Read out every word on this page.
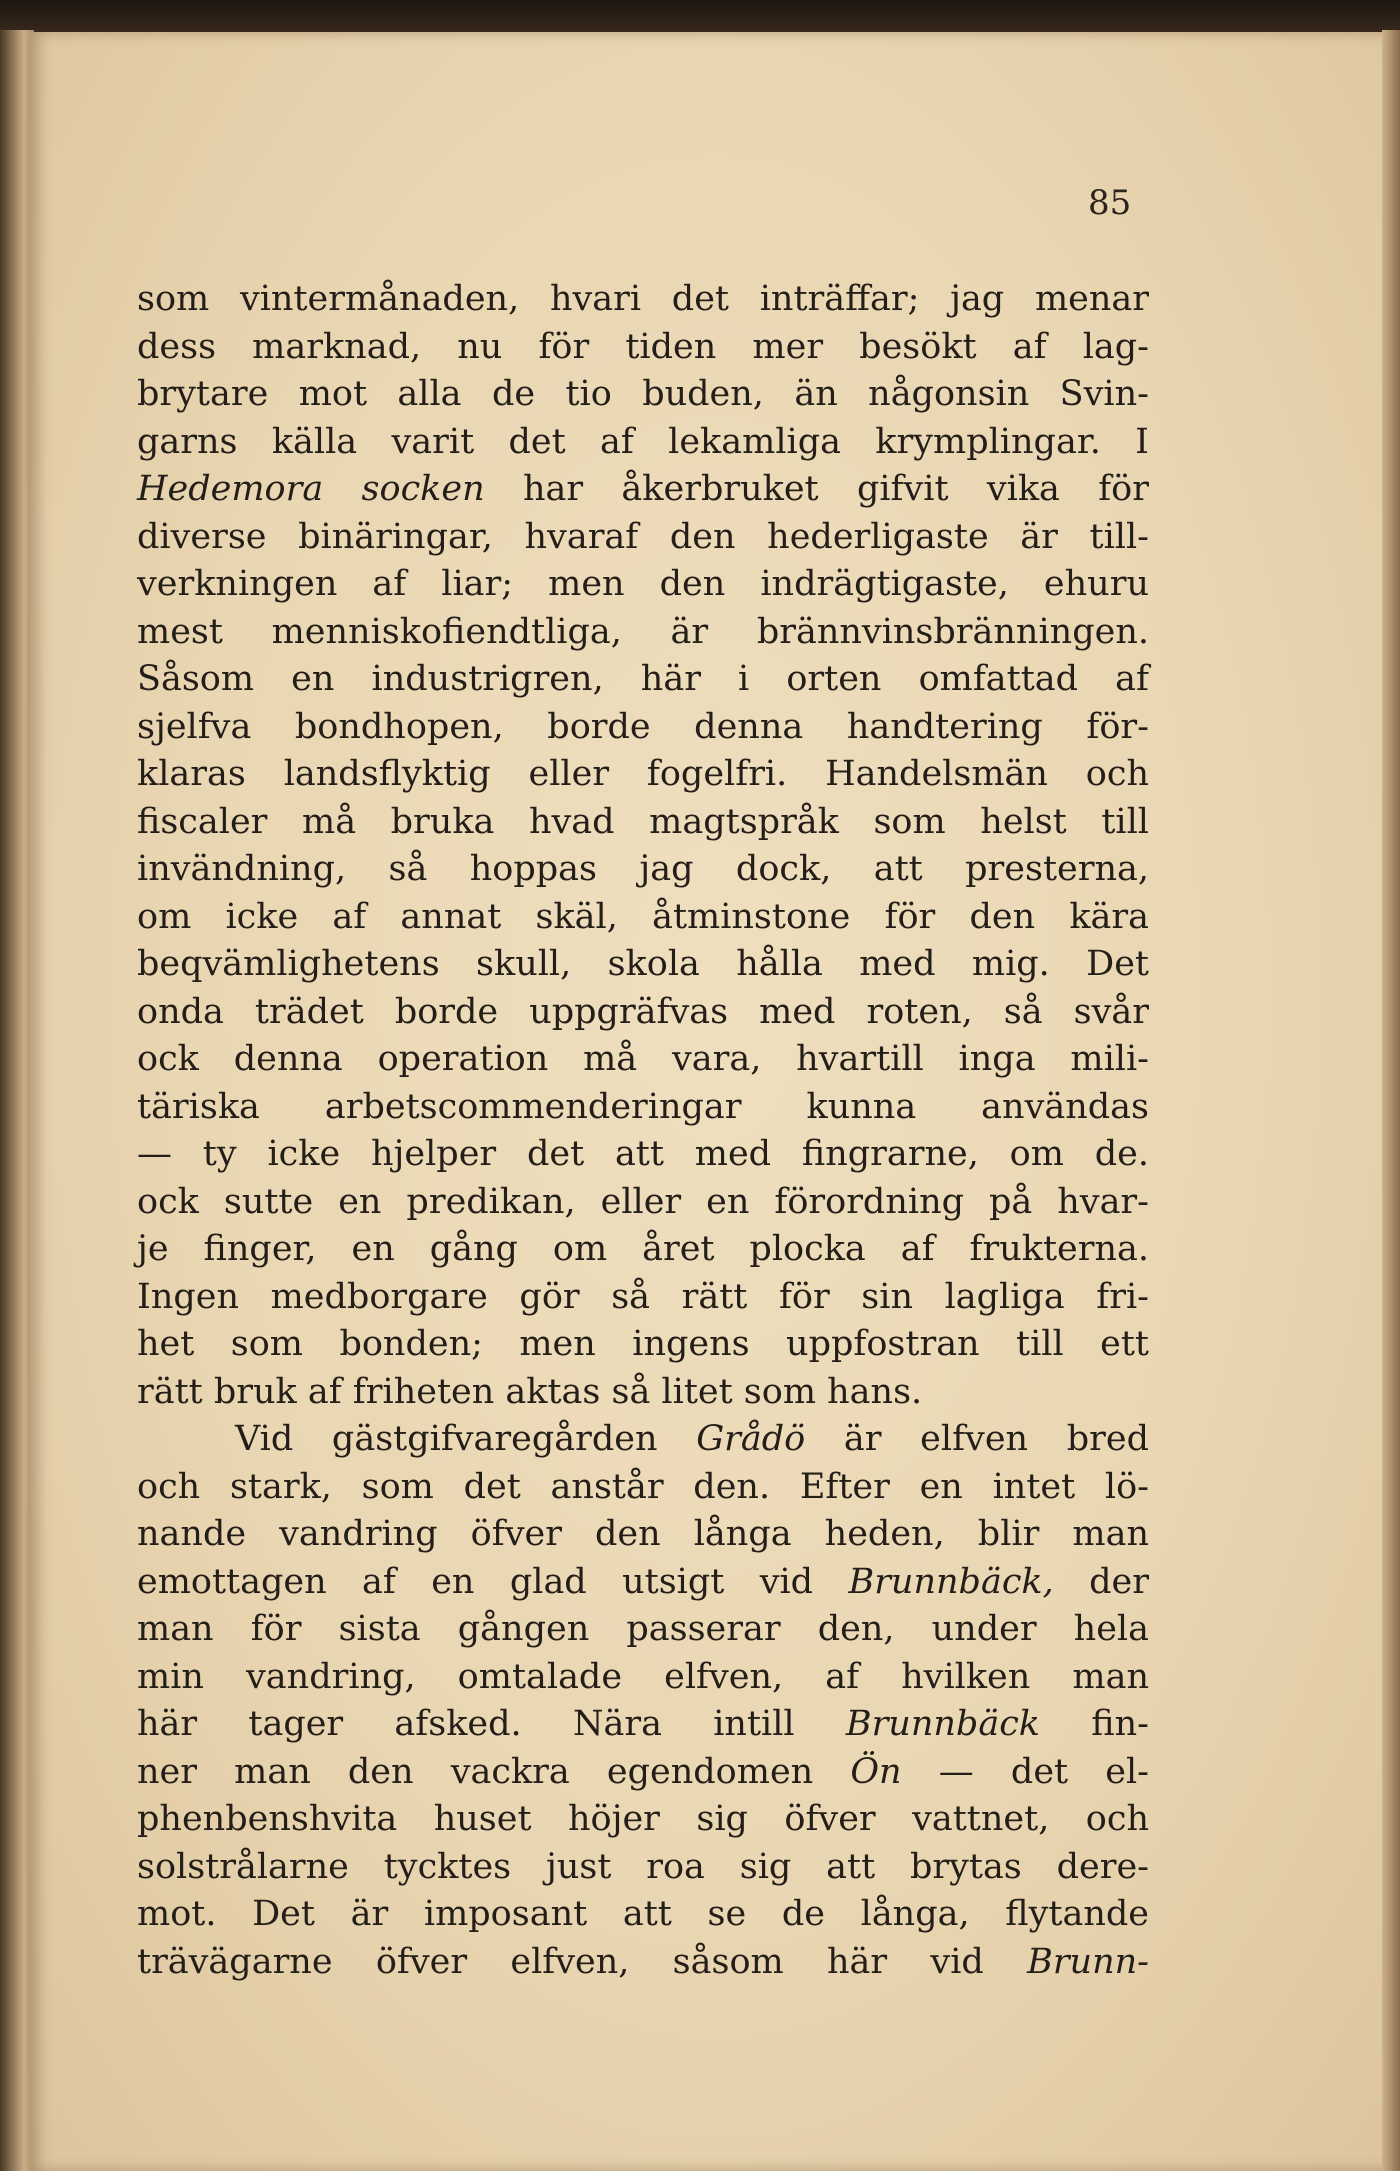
85

som vintermånaden, hvari det inträffar; jag menar
dess marknad, nu för tiden mer besökt af lag-
brytare mot alla de tio buden, än någonsin Svin-
garns källa varit det af lekamliga krymplingar. I
Hedemora socken har åkerbruket gifvit vika för
diverse binäringar, hvaraf den hederligaste är till-
verkningen af liar; men den indrägtigaste, ehuru
mest menniskofiendtliga, är brännvinsbränningen.
Såsom en industrigren, här i orten omfattad af
sjelfva bondhopen, borde denna handtering för-
klaras landsflyktig eller fogelfri. Handelsmän och
fiscaler må bruka hvad magtspråk som helst till
invändning, så hoppas jag dock, att presterna,
om icke af annat skäl, åtminstone för den kära
beqvämlighetens skull, skola hålla med mig. Det
onda trädet borde uppgräfvas med roten, så svår
ock denna operation må vara, hvartill inga mili-
täriska arbetscommenderingar kunna användas
— ty icke hjelper det att med fingrarne, om de.
ock sutte en predikan, eller en förordning på hvar-
je finger, en gång om året plocka af frukterna.
Ingen medborgare gör så rätt för sin lagliga fri-
het som bonden; men ingens uppfostran till ett
rätt bruk af friheten aktas så litet som hans.
Vid gästgifvaregården Grådö är elfven bred
och stark, som det anstår den. Efter en intet lö-
nande vandring öfver den långa heden, blir man
emottagen af en glad utsigt vid Brunnbäck, der
man för sista gången passerar den, under hela
min vandring, omtalade elfven, af hvilken man
här tager afsked. Nära intill Brunnbäck fin-
ner man den vackra egendomen Ön — det el-
phenbenshvita huset höjer sig öfver vattnet, och
solstrålarne tycktes just roa sig att brytas dere-
mot. Det är imposant att se de långa, flytande
trävägarne öfver elfven, såsom här vid Brunn-
